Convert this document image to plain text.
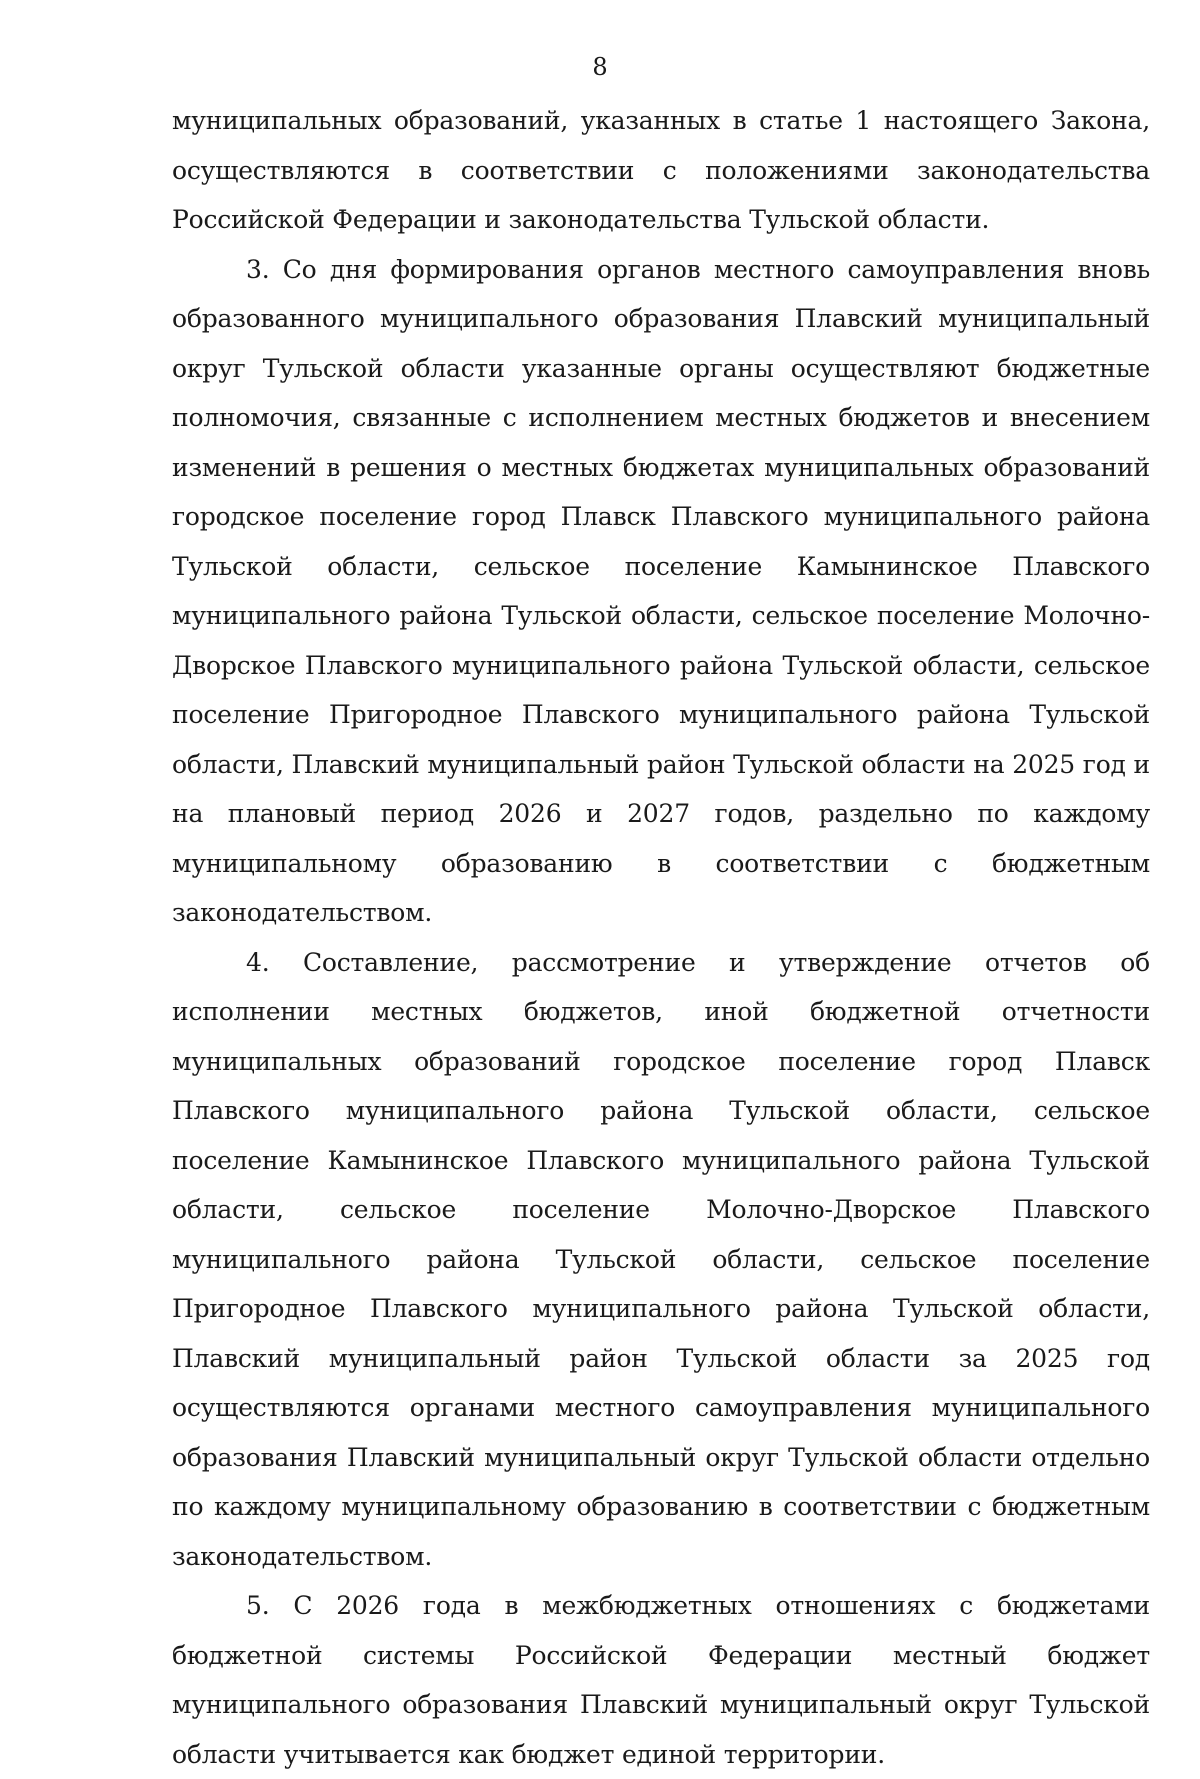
8

муниципальных образований, указанных в статье 1 настоящего Закона, осуществляются в соответствии с положениями законодательства Российской Федерации и законодательства Тульской области.

3. Со дня формирования органов местного самоуправления вновь образованного муниципального образования Плавский муниципальный округ Тульской области указанные органы осуществляют бюджетные полномочия, связанные с исполнением местных бюджетов и внесением изменений в решения о местных бюджетах муниципальных образований городское поселение город Плавск Плавского муниципального района Тульской области, сельское поселение Камынинское Плавского муниципального района Тульской области, сельское поселение Молочно-Дворское Плавского муниципального района Тульской области, сельское поселение Пригородное Плавского муниципального района Тульской области, Плавский муниципальный район Тульской области на 2025 год и на плановый период 2026 и 2027 годов, раздельно по каждому муниципальному образованию в соответствии с бюджетным законодательством.

4. Составление, рассмотрение и утверждение отчетов об исполнении местных бюджетов, иной бюджетной отчетности муниципальных образований городское поселение город Плавск Плавского муниципального района Тульской области, сельское поселение Камынинское Плавского муниципального района Тульской области, сельское поселение Молочно-Дворское Плавского муниципального района Тульской области, сельское поселение Пригородное Плавского муниципального района Тульской области, Плавский муниципальный район Тульской области за 2025 год осуществляются органами местного самоуправления муниципального образования Плавский муниципальный округ Тульской области отдельно по каждому муниципальному образованию в соответствии с бюджетным законодательством.

5. С 2026 года в межбюджетных отношениях с бюджетами бюджетной системы Российской Федерации местный бюджет муниципального образования Плавский муниципальный округ Тульской области учитывается как бюджет единой территории.
